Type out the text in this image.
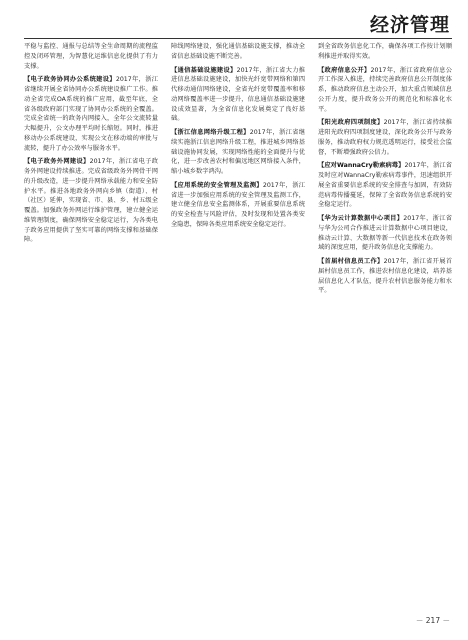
经济管理

平稳与监控、通报与总结等全生命周期的流程监控及闭环管理，为智慧化运维信息化提供了有力支撑。

【电子政务协同办公系统建设】2017年，浙江省继续开展全省协同办公系统建设推广工作。推动全省完成OA系统的推广应用，截至年底，全省各级政府部门实现了协同办公系统的全覆盖。完成全省统一的政务内网接入，全年公文流转量大幅提升，公文办理平均时长缩短。同时，推进移动办公系统建设，实现公文在移动端的审批与流转，提升了办公效率与服务水平。

【电子政务外网建设】2017年，浙江省电子政务外网建设持续推进。完成省级政务外网骨干网的升级改造，进一步提升网络承载能力和安全防护水平。推进各地政务外网向乡镇（街道）、村（社区）延伸，实现省、市、县、乡、村五级全覆盖。加强政务外网运行维护管理，建立健全运维管理制度，确保网络安全稳定运行，为各类电子政务应用提供了坚实可靠的网络支撑和基础保障。

障线网络建设，强化通信基础设施支撑，推动全省信息基础设施不断完善。

【通信基础设施建设】2017年，浙江省大力推进信息基础设施建设，加快光纤宽带网络和第四代移动通信网络建设，全省光纤宽带覆盖率和移动网络覆盖率进一步提升，信息通信基础设施建设成效显著，为全省信息化发展奠定了良好基础。

【浙江信息网络升级工程】2017年，浙江省继续实施浙江信息网络升级工程，推进城乡网络基础设施协同发展，实现网络性能的全面提升与优化，进一步改善农村和偏远地区网络接入条件，缩小城乡数字鸿沟。

【应用系统的安全管理及监测】2017年，浙江省进一步加强应用系统的安全管理及监测工作，建立健全信息安全监测体系，开展重要信息系统的安全检查与风险评估，及时发现和处置各类安全隐患，保障各类应用系统安全稳定运行。

到全省政务信息化工作，确保各项工作按计划顺利推进并取得实效。

【政府信息公开】2017年，浙江省政府信息公开工作深入推进，持续完善政府信息公开制度体系，推动政府信息主动公开，加大重点领域信息公开力度，提升政务公开的规范化和标准化水平。

【阳光政府四项制度】2017年，浙江省持续推进阳光政府四项制度建设，深化政务公开与政务服务，推动政府权力规范透明运行，接受社会监督，不断增强政府公信力。

【应对WannaCry勒索病毒】2017年，浙江省及时应对WannaCry勒索病毒事件，迅速组织开展全省重要信息系统的安全排查与加固，有效防范病毒传播蔓延，保障了全省政务信息系统的安全稳定运行。

【华为云计算数据中心项目】2017年，浙江省与华为公司合作推进云计算数据中心项目建设，推动云计算、大数据等新一代信息技术在政务领域的深度应用，提升政务信息化支撑能力。

【首届村信息员工作】2017年，浙江省开展首届村信息员工作，推进农村信息化建设，培养基层信息化人才队伍，提升农村信息服务能力和水平。

－ 217 －
